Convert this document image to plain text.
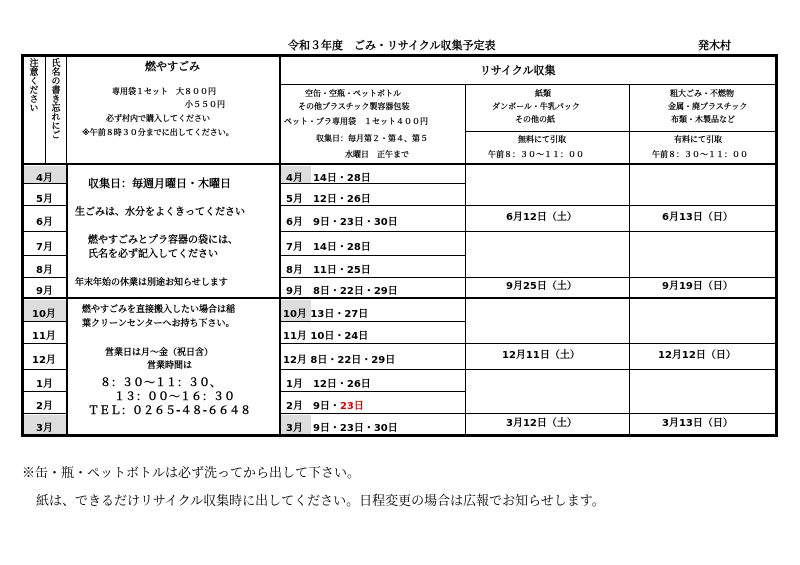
令和３年度　ごみ・リサイクル収集予定表	発木村
注意ください 氏名の書き忘れにご	燃やすごみ
専用袋１セット　大８００円
小５５０円
必ず村内で購入してください
※午前８時３０分までに出してください。
リサイクル収集
空缶・空瓶・ペットボトル
その他プラスチック製容器包装
ペット・プラ専用袋　１セット４００円
収集日：毎月第２・第４、第５
水曜日　正午まで
紙類
ダンボール・牛乳パック
その他の紙
無料にて引取
午前８：３０～１１：００
粗大ごみ・不燃物
金属・廃プラスチック
布類・木製品など
有料にて引取
午前８：３０～１１：００
4月
5月
6月
7月
8月
9月
10月
11月
12月
1月
2月
3月
収集日：毎週月曜日・木曜日
生ごみは、水分をよくきってください
燃やすごみとプラ容器の袋には、
氏名を必ず記入してください
年末年始の休業は別途お知らせします
燃やすごみを直接搬入したい場合は稲
葉クリーンセンターへお持ち下さい。
営業日は月～金（祝日含）
営業時間は
８：３０～１１：３０、
１３：００～１６：３０
ＴＥＬ：０２６５-４８-６６４８
4月　 14日・28日
5月　 12日・26日
6月　 9日・23日・30日
7月　 14日・28日
8月　 11日・25日
9月　 8日・22日・29日
10月 13日・27日
11月 10日・24日
12月 8日・22日・29日
1月　 12日・26日
2月　 9日・23日
3月　 9日・23日・30日
6月12日（土）
9月25日（土）
12月11日（土）
3月12日（土）
6月13日（日）
9月19日（日）
12月12日（日）
3月13日（日）
※缶・瓶・ペットボトルは必ず洗ってから出して下さい。
紙は、できるだけリサイクル収集時に出してください。日程変更の場合は広報でお知らせします。
